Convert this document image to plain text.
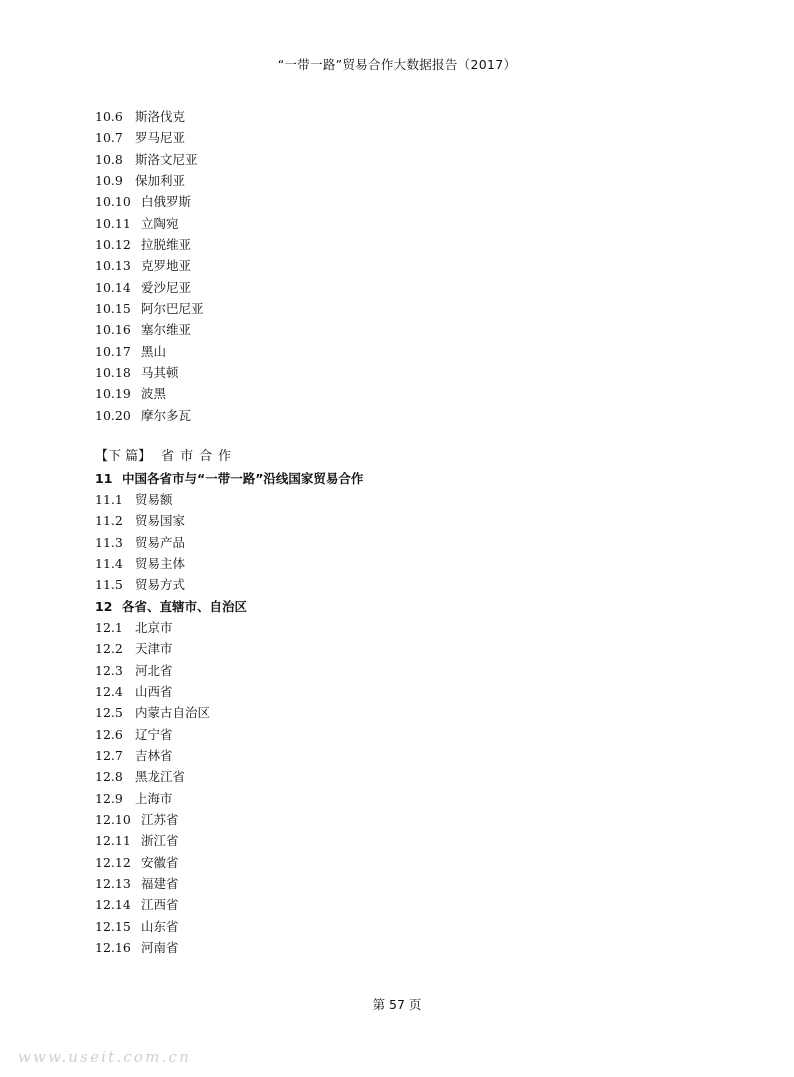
“一带一路”贸易合作大数据报告（2017）
10.6 斯洛伐克
10.7 罗马尼亚
10.8 斯洛文尼亚
10.9 保加利亚
10.10 白俄罗斯
10.11 立陶宛
10.12 拉脱维亚
10.13 克罗地亚
10.14 爱沙尼亚
10.15 阿尔巴尼亚
10.16 塞尔维亚
10.17 黑山
10.18 马其顿
10.19 波黑
10.20 摩尔多瓦
【下 篇】 省市合作
11 中国各省市与“一带一路”沿线国家贸易合作
11.1 贸易额
11.2 贸易国家
11.3 贸易产品
11.4 贸易主体
11.5 贸易方式
12 各省、直辖市、自治区
12.1 北京市
12.2 天津市
12.3 河北省
12.4 山西省
12.5 内蒙古自治区
12.6 辽宁省
12.7 吉林省
12.8 黑龙江省
12.9 上海市
12.10 江苏省
12.11 浙江省
12.12 安徽省
12.13 福建省
12.14 江西省
12.15 山东省
12.16 河南省
第 57 页
www.useit.com.cn
